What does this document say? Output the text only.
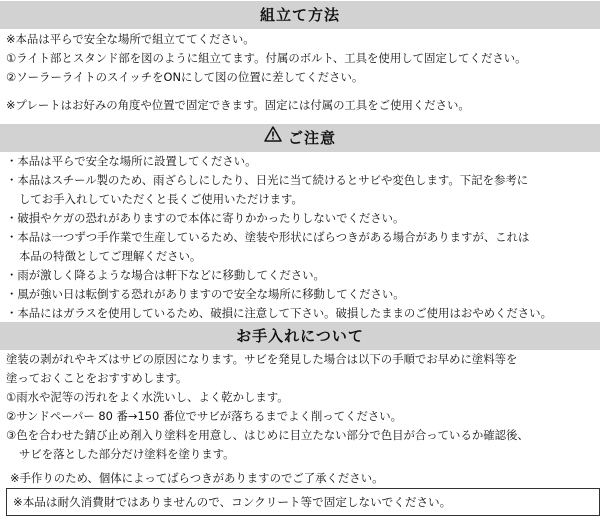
組立て方法
※本品は平らで安全な場所で組立ててください。
①ライト部とスタンド部を図のように組立てます。付属のボルト、工具を使用して固定してください。
②ソーラーライトのスイッチをONにして図の位置に差してください。
※プレートはお好みの角度や位置で固定できます。固定には付属の工具をご使用ください。
ご注意
・本品は平らで安全な場所に設置してください。
・本品はスチール製のため、雨ざらしにしたり、日光に当て続けるとサビや変色します。下記を参考に
してお手入れしていただくと長くご使用いただけます。
・破損やケガの恐れがありますので本体に寄りかかったりしないでください。
・本品は一つずつ手作業で生産しているため、塗装や形状にばらつきがある場合がありますが、これは
本品の特徴としてご理解ください。
・雨が激しく降るような場合は軒下などに移動してください。
・風が強い日は転倒する恐れがありますので安全な場所に移動してください。
・本品にはガラスを使用しているため、破損に注意して下さい。破損したままのご使用はおやめください。
お手入れについて
塗装の剥がれやキズはサビの原因になります。サビを発見した場合は以下の手順でお早めに塗料等を
塗っておくことをおすすめします。
①雨水や泥等の汚れをよく水洗いし、よく乾かします。
②サンドペーパー 80 番→150 番位でサビが落ちるまでよく削ってください。
③色を合わせた錆び止め剤入り塗料を用意し、はじめに目立たない部分で色目が合っているか確認後、
サビを落とした部分だけ塗料を塗ります。
※手作りのため、個体によってばらつきがありますのでご了承ください。
※本品は耐久消費財ではありませんので、コンクリート等で固定しないでください。
